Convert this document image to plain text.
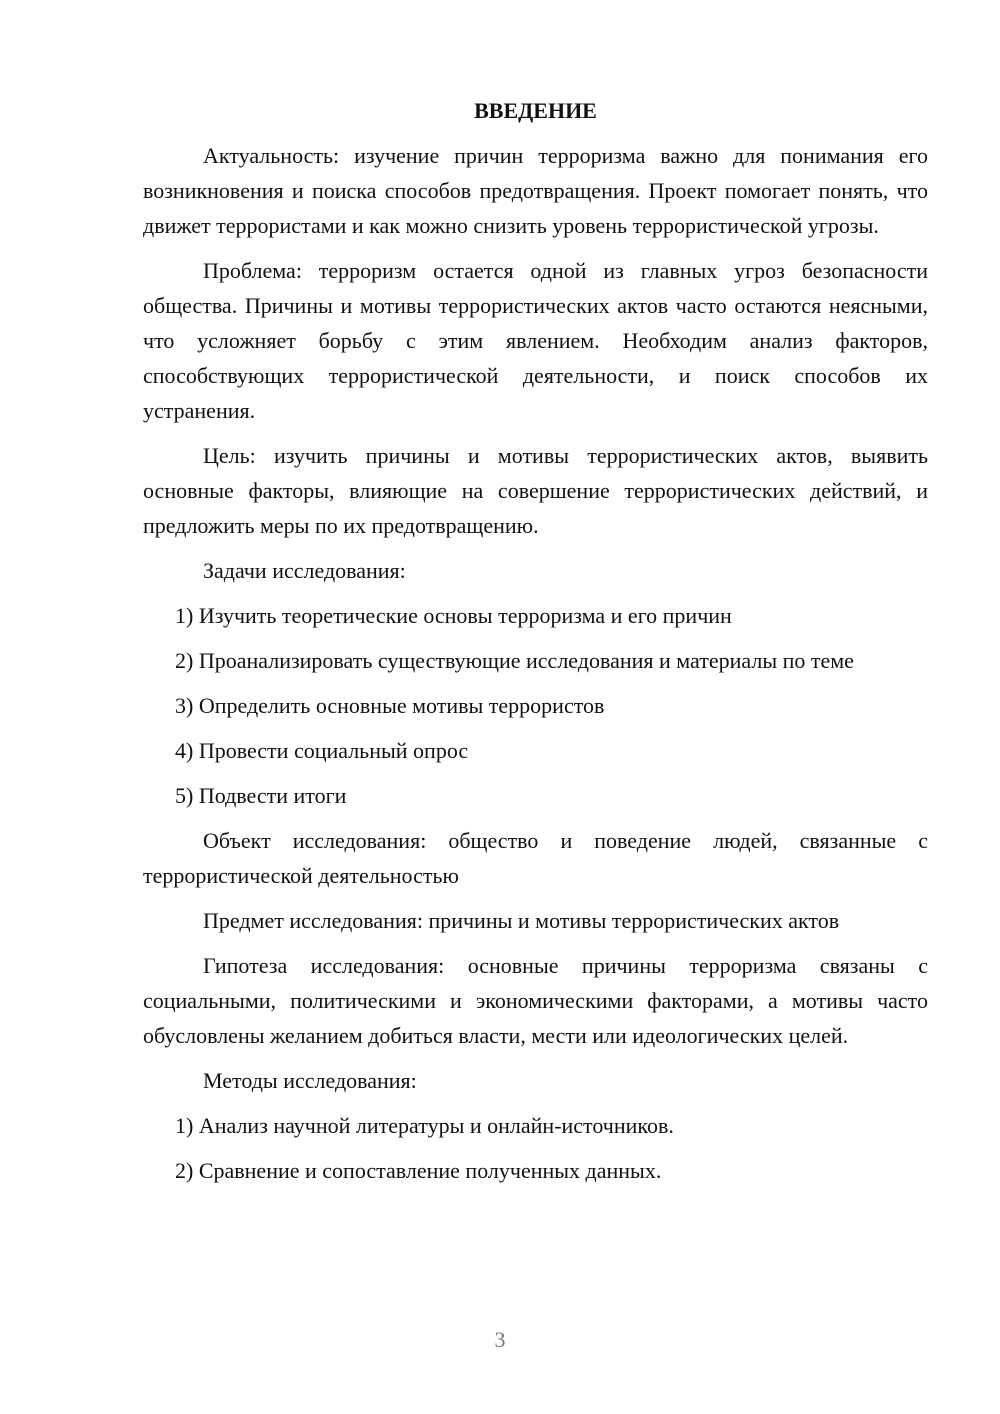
ВВЕДЕНИЕ

Актуальность: изучение причин терроризма важно для понимания его возникновения и поиска способов предотвращения. Проект помогает понять, что движет террористами и как можно снизить уровень террористической угрозы.

Проблема: терроризм остается одной из главных угроз безопасности общества. Причины и мотивы террористических актов часто остаются неясными, что усложняет борьбу с этим явлением. Необходим анализ факторов, способствующих террористической деятельности, и поиск способов их устранения.

Цель: изучить причины и мотивы террористических актов, выявить основные факторы, влияющие на совершение террористических действий, и предложить меры по их предотвращению.

Задачи исследования:

1) Изучить теоретические основы терроризма и его причин

2) Проанализировать существующие исследования и материалы по теме

3) Определить основные мотивы террористов

4) Провести социальный опрос

5) Подвести итоги

Объект исследования: общество и поведение людей, связанные с террористической деятельностью

Предмет исследования: причины и мотивы террористических актов

Гипотеза исследования: основные причины терроризма связаны с социальными, политическими и экономическими факторами, а мотивы часто обусловлены желанием добиться власти, мести или идеологических целей.

Методы исследования:

1) Анализ научной литературы и онлайн-источников.

2) Сравнение и сопоставление полученных данных.

3
